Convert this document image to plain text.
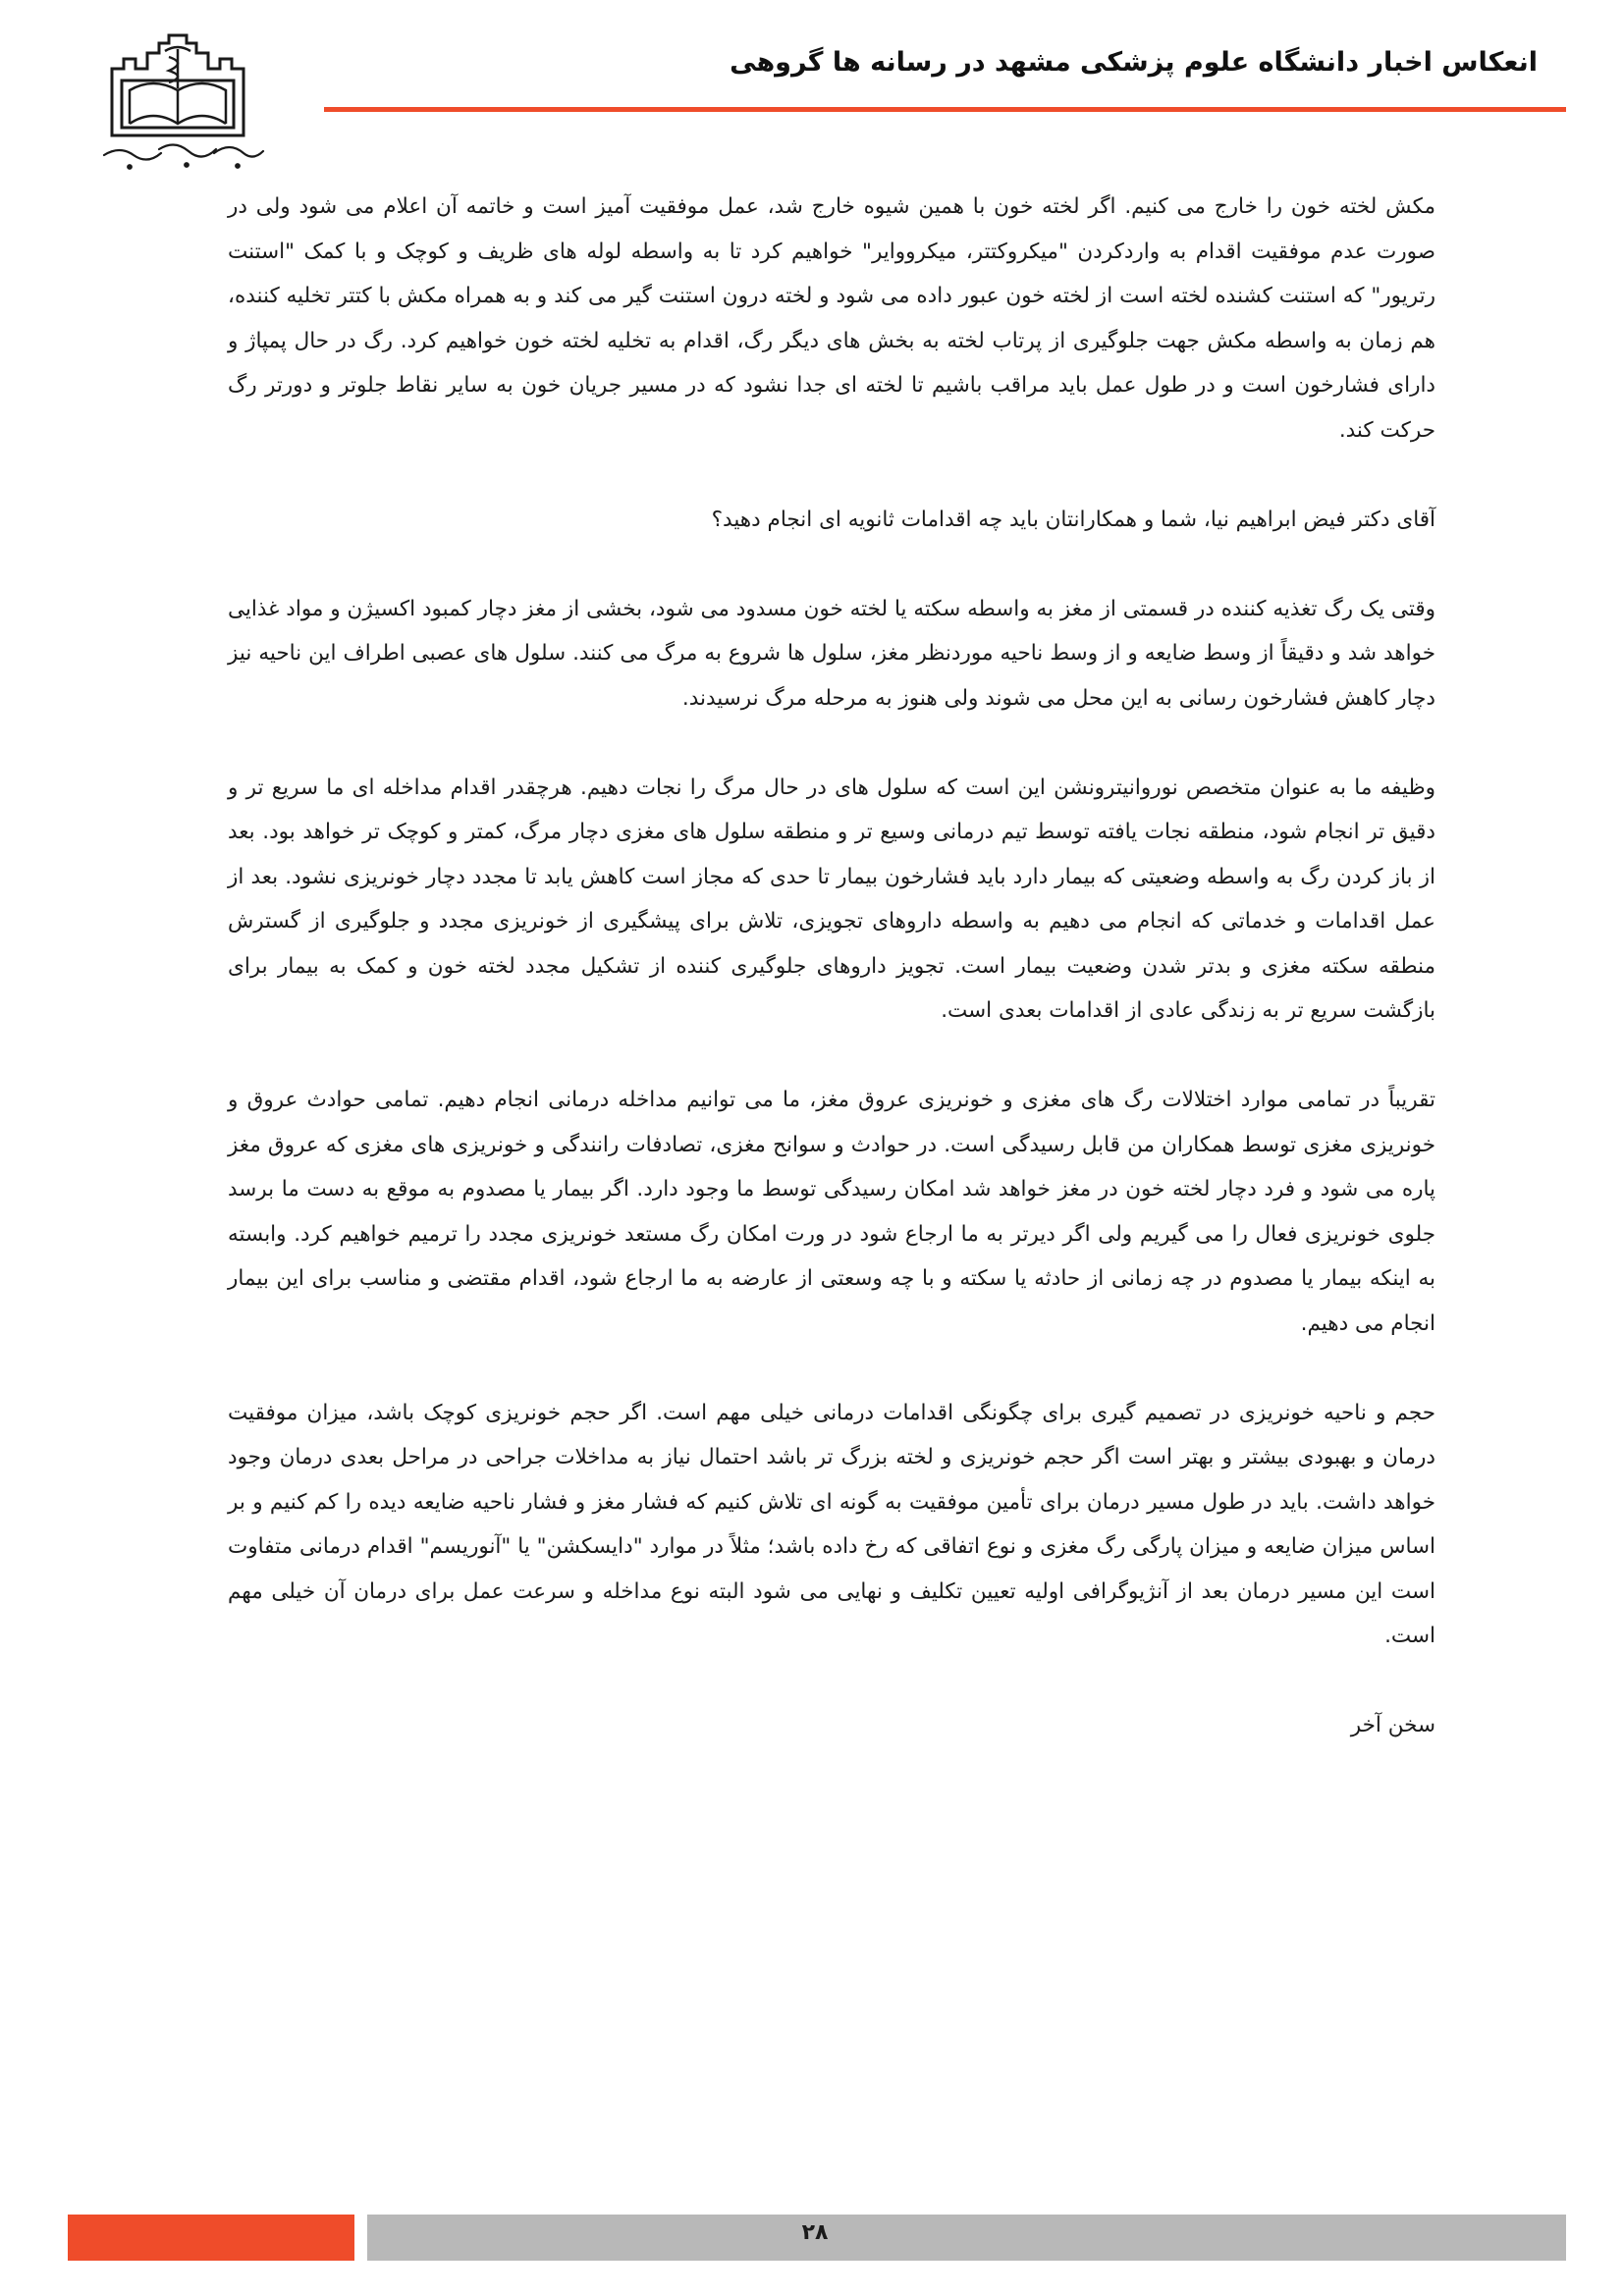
انعکاس اخبار دانشگاه علوم پزشکی مشهد در رسانه ها گروهی

مکش لخته خون را خارج می کنیم. اگر لخته خون با همین شیوه خارج شد، عمل موفقیت آمیز است و خاتمه آن اعلام می شود ولی در صورت عدم موفقیت اقدام به واردکردن "میکروکتتر، میکروواير" خواهیم کرد تا به واسطه لوله های ظریف و کوچک و با کمک "استنت رتریور" که استنت کشنده لخته است از لخته خون عبور داده می شود و لخته درون استنت گیر می کند و به همراه مکش با کتتر تخلیه کننده، هم زمان به واسطه مکش جهت جلوگیری از پرتاب لخته به بخش های دیگر رگ، اقدام به تخلیه لخته خون خواهیم کرد. رگ در حال پمپاژ و دارای فشارخون است و در طول عمل باید مراقب باشیم تا لخته ای جدا نشود که در مسیر جریان خون به سایر نقاط جلوتر و دورتر رگ حرکت کند.

آقای دکتر فیض ابراهیم نیا، شما و همکارانتان باید چه اقدامات ثانویه ای انجام دهید؟

وقتی یک رگ تغذیه کننده در قسمتی از مغز به واسطه سکته یا لخته خون مسدود می شود، بخشی از مغز دچار کمبود اکسیژن و مواد غذایی خواهد شد و دقیقاً از وسط ضایعه و از وسط ناحیه موردنظر مغز، سلول ها شروع به مرگ می کنند. سلول های عصبی اطراف این ناحیه نیز دچار کاهش فشارخون رسانی به این محل می شوند ولی هنوز به مرحله مرگ نرسیدند.

وظیفه ما به عنوان متخصص نوروانیترونشن این است که سلول های در حال مرگ را نجات دهیم. هرچقدر اقدام مداخله ای ما سریع تر و دقیق تر انجام شود، منطقه نجات یافته توسط تیم درمانی وسیع تر و منطقه سلول های مغزی دچار مرگ، کمتر و کوچک تر خواهد بود. بعد از باز کردن رگ به واسطه وضعیتی که بیمار دارد باید فشارخون بیمار تا حدی که مجاز است کاهش یابد تا مجدد دچار خونریزی نشود. بعد از عمل اقدامات و خدماتی که انجام می دهیم به واسطه داروهای تجویزی، تلاش برای پیشگیری از خونریزی مجدد و جلوگیری از گسترش منطقه سکته مغزی و بدتر شدن وضعیت بیمار است. تجویز داروهای جلوگیری کننده از تشکیل مجدد لخته خون و کمک به بیمار برای بازگشت سریع تر به زندگی عادی از اقدامات بعدی است.

تقریباً در تمامی موارد اختلالات رگ های مغزی و خونریزی عروق مغز، ما می توانیم مداخله درمانی انجام دهیم. تمامی حوادث عروق و خونریزی مغزی توسط همکاران من قابل رسیدگی است. در حوادث و سوانح مغزی، تصادفات رانندگی و خونریزی های مغزی که عروق مغز پاره می شود و فرد دچار لخته خون در مغز خواهد شد امکان رسیدگی توسط ما وجود دارد. اگر بیمار یا مصدوم به موقع به دست ما برسد جلوی خونریزی فعال را می گیریم ولی اگر دیرتر به ما ارجاع شود در ورت امکان رگ مستعد خونریزی مجدد را ترمیم خواهیم کرد. وابسته به اینکه بیمار یا مصدوم در چه زمانی از حادثه یا سکته و با چه وسعتی از عارضه به ما ارجاع شود، اقدام مقتضی و مناسب برای این بیمار انجام می دهیم.

حجم و ناحیه خونریزی در تصمیم گیری برای چگونگی اقدامات درمانی خیلی مهم است. اگر حجم خونریزی کوچک باشد، میزان موفقیت درمان و بهبودی بیشتر و بهتر است اگر حجم خونریزی و لخته بزرگ تر باشد احتمال نیاز به مداخلات جراحی در مراحل بعدی درمان وجود خواهد داشت. باید در طول مسیر درمان برای تأمین موفقیت به گونه ای تلاش کنیم که فشار مغز و فشار ناحیه ضایعه دیده را کم کنیم و بر اساس میزان ضایعه و میزان پارگی رگ مغزی و نوع اتفاقی که رخ داده باشد؛ مثلاً در موارد "دایسکشن" یا "آنوریسم" اقدام درمانی متفاوت است این مسیر درمان بعد از آنژیوگرافی اولیه تعیین تکلیف و نهایی می شود البته نوع مداخله و سرعت عمل برای درمان آن خیلی مهم است.

سخن آخر

۲۸
